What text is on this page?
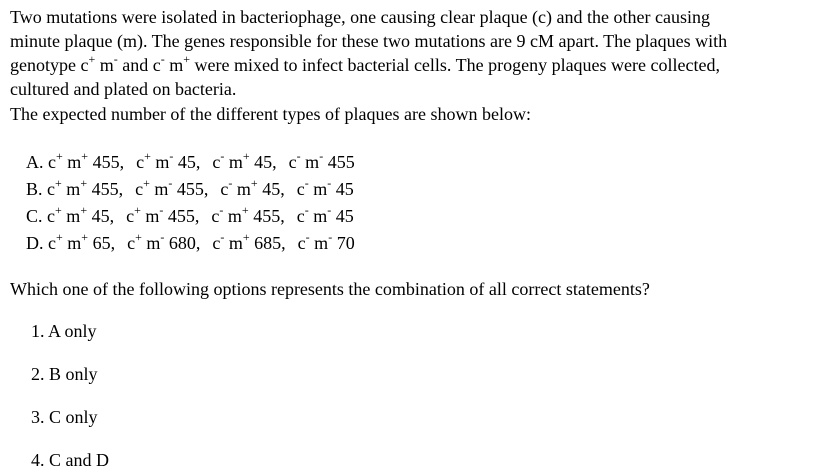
Two mutations were isolated in bacteriophage, one causing clear plaque (c) and the other causing
minute plaque (m). The genes responsible for these two mutations are 9 cM apart. The plaques with
genotype c+ m- and c- m+ were mixed to infect bacterial cells. The progeny plaques were collected,
cultured and plated on bacteria.
The expected number of the different types of plaques are shown below:
A. c+ m+ 455, c+ m- 45, c- m+ 45, c- m- 455
B. c+ m+ 455, c+ m- 455, c- m+ 45, c- m- 45
C. c+ m+ 45, c+ m- 455, c- m+ 455, c- m- 45
D. c+ m+ 65, c+ m- 680, c- m+ 685, c- m- 70
Which one of the following options represents the combination of all correct statements?
1. A only
2. B only
3. C only
4. C and D
